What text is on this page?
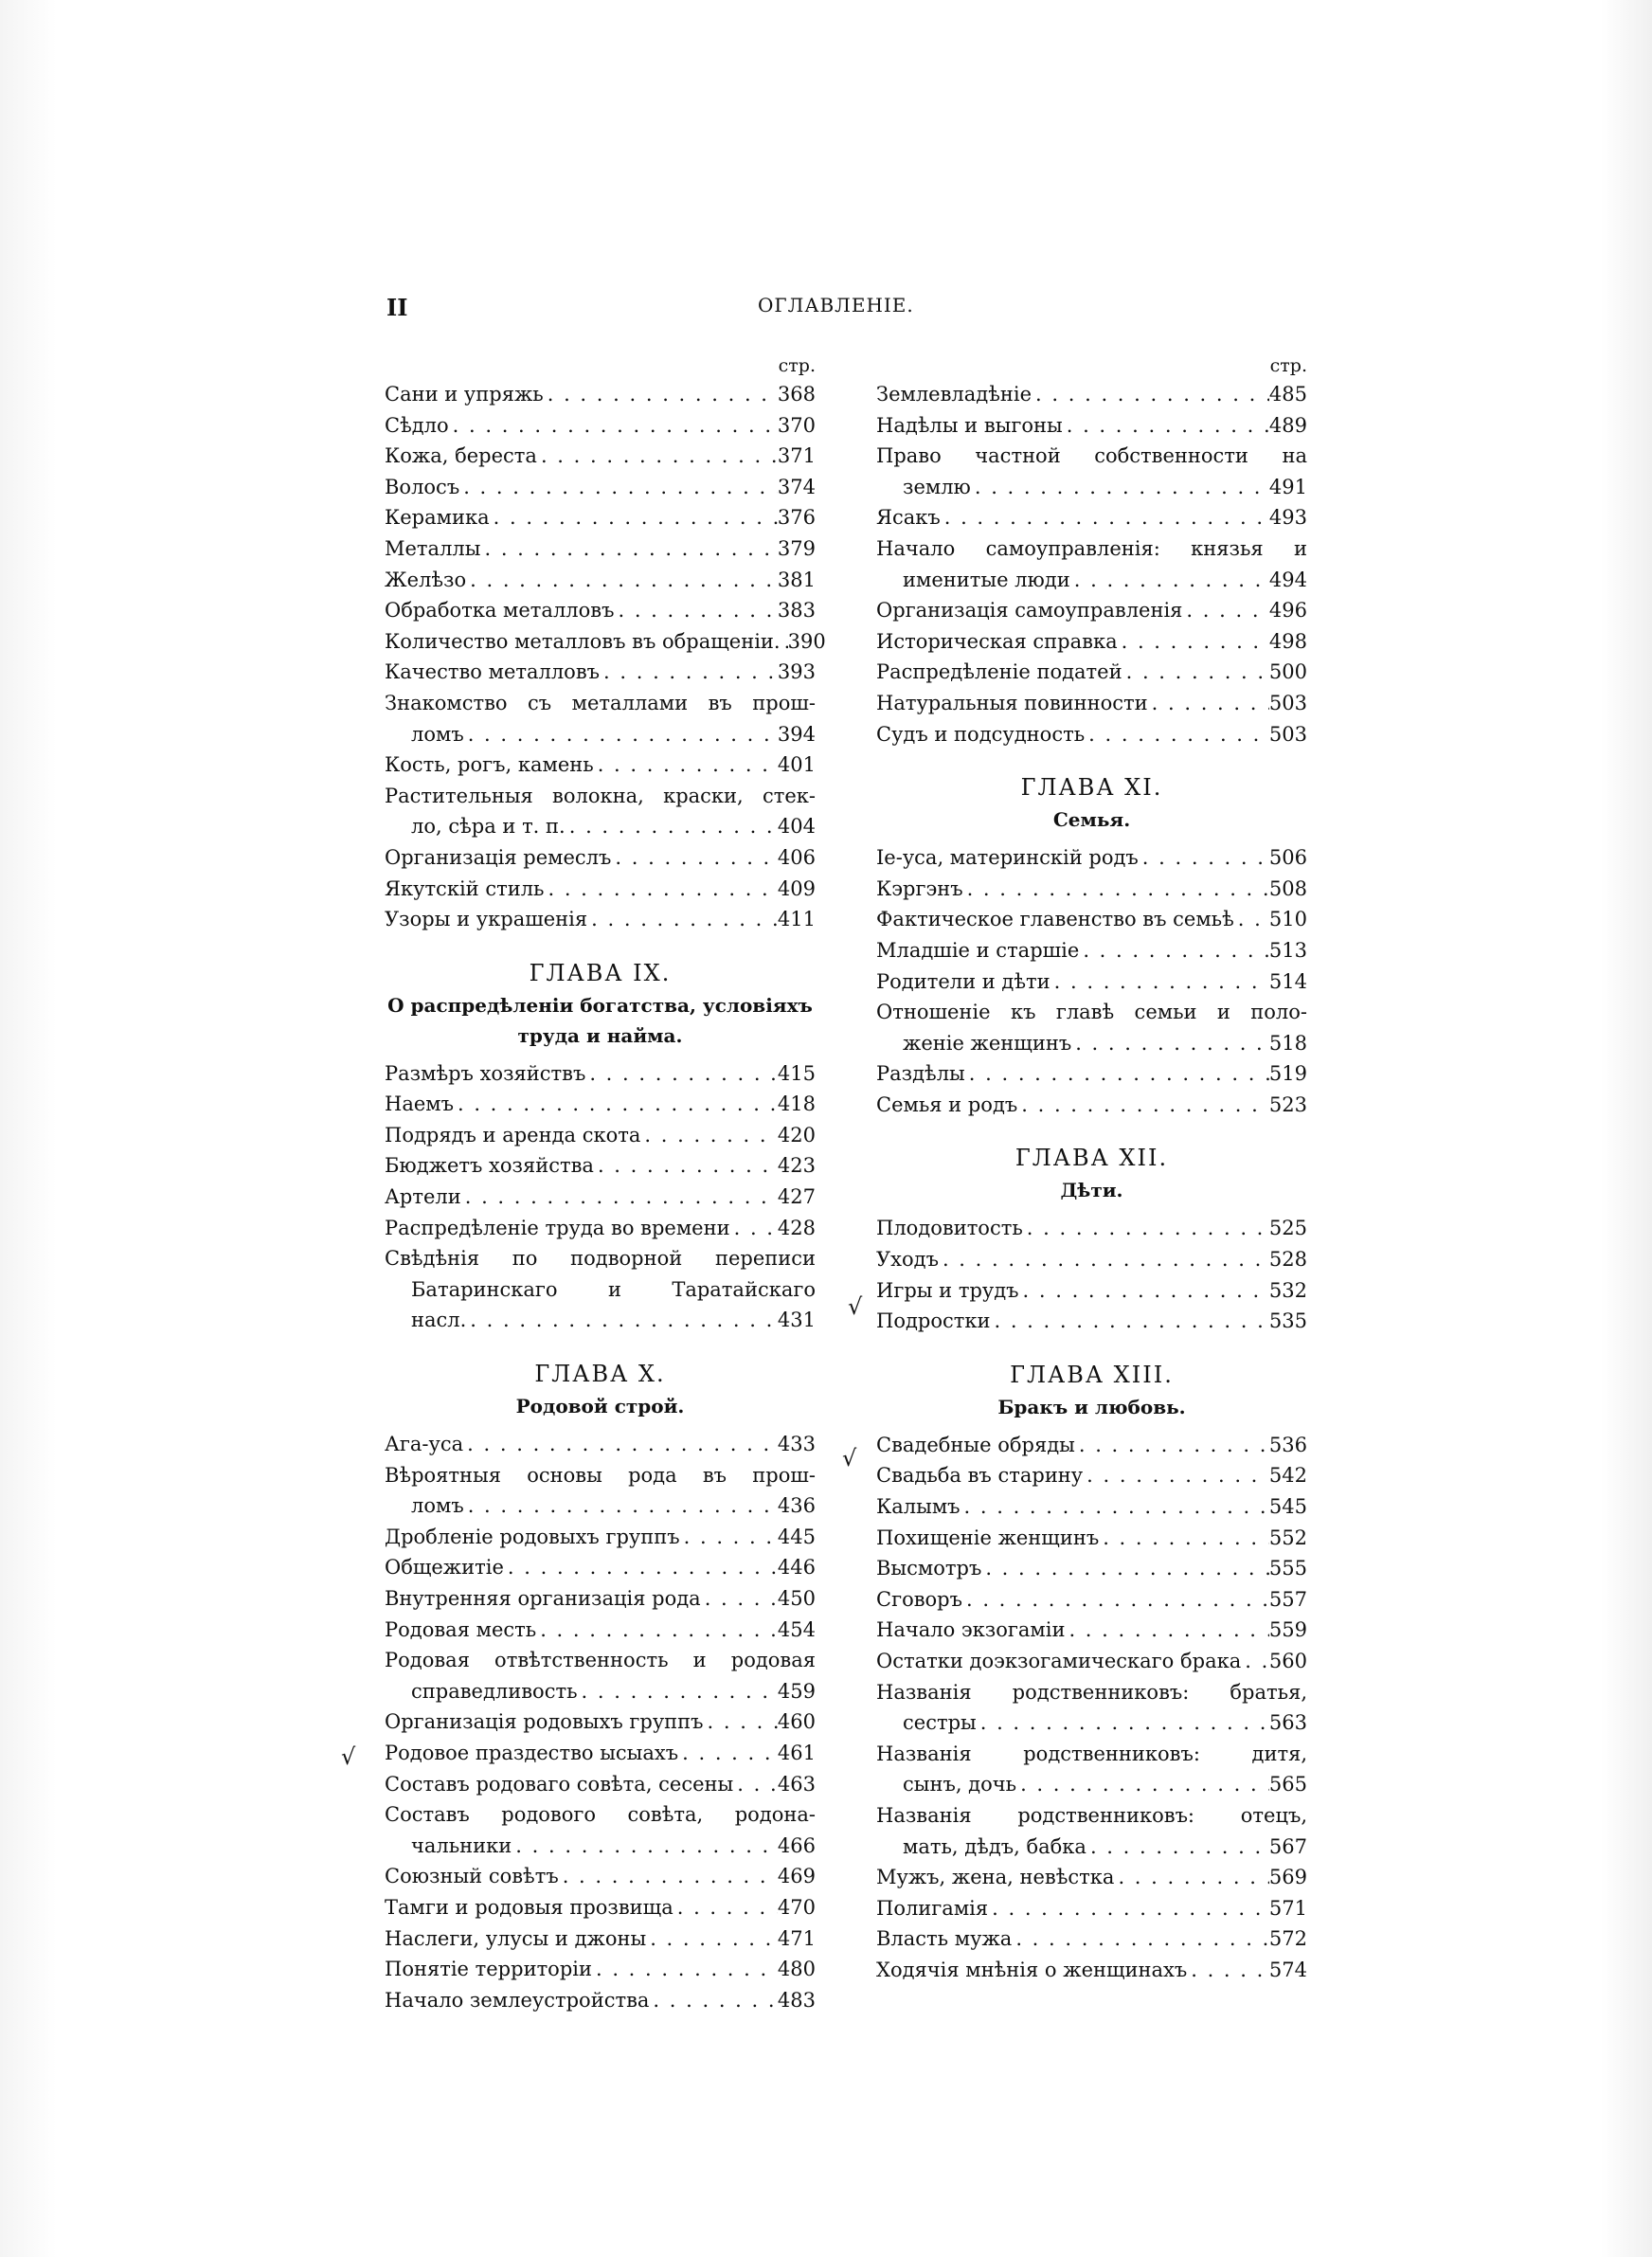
II	ОГЛАВЛЕНІЕ.
стр.
Сани и упряжь . . .	368
Сѣдло . . .	370
Кожа, береста . . .	371
Волосъ . . .	374
Керамика . . .	376
Металлы . . .	379
Желѣзо . . .	381
Обработка металловъ . . .	383
Количество металловъ въ обращеніи. . . . 390
Качество металловъ . . .	393
Знакомство съ металлами въ прош-
ломъ . . .	394
Кость, рогъ, камень . . .	401
Растительныя волокна, краски, стек-
ло, сѣра и т. п. . . .	404
Организація ремеслъ . . .	406
Якутскій стиль . . .	409
Узоры и украшенія . . .	411
ГЛАВА IX.
О распредѣленіи богатства, условіяхъ труда и найма.
Размѣръ хозяйствъ . . .	415
Наемъ . . .	418
Подрядъ и аренда скота . . .	420
Бюджетъ хозяйства . . .	423
Артели . . .	427
Распредѣленіе труда во времени . . . 428
Свѣдѣнія по подворной переписи
Батаринскаго и Таратайскаго
насл. . . .	431
ГЛАВА X.
Родовой строй.
Ага-уса . . .	433
Вѣроятныя основы рода въ прош-
ломъ . . .	436
Дробленіе родовыхъ группъ . . .	445
Общежитіе . . .	446
Внутренняя организація рода . . .	450
Родовая месть . . .	454
Родовая отвѣтственность и родовая
справедливость . . .	459
Организація родовыхъ группъ . . .	460
Родовое праздество ысыахъ . . .	461
Составъ родоваго совѣта, сесены . . . 463
Составъ родового совѣта, родона-
чальники . . .	466
Союзный совѣтъ . . .	469
Тамги и родовыя прозвища . . .	470
Наслеги, улусы и джоны . . .	471
Понятіе территоріи . . .	480
Начало землеустройства . . .	483
стр.
Землевладѣніе . . .	485
Надѣлы и выгоны . . .	489
Право частной собственности на
землю . . .	491
Ясакъ . . .	493
Начало самоуправленія: князья и
именитые люди . . .	494
Организація самоуправленія . . .	496
Историческая справка . . .	498
Распредѣленіе податей . . .	500
Натуральныя повинности . . .	503
Судъ и подсудность . . .	503
ГЛАВА XI.
Семья.
Іе-уса, материнскій родъ . . .	506
Кэргэнъ . . .	508
Фактическое главенство въ семьѣ . . . 510
Младшіе и старшіе . . .	513
Родители и дѣти . . .	514
Отношеніе къ главѣ семьи и поло-
женіе женщинъ . . .	518
Раздѣлы . . .	519
Семья и родъ . . .	523
ГЛАВА XII.
Дѣти.
Плодовитость . . .	525
Уходъ . . .	528
Игры и трудъ . . .	532
Подростки . . .	535
ГЛАВА XIII.
Бракъ и любовь.
Свадебные обряды . . .	536
Свадьба въ старину . . .	542
Калымъ . . .	545
Похищеніе женщинъ . . .	552
Высмотръ . . .	555
Сговоръ . . .	557
Начало экзогаміи . . .	559
Остатки доэкзогамическаго брака . . . 560
Названія родственниковъ: братья,
сестры . . .	563
Названія родственниковъ: дитя,
сынъ, дочь . . .	565
Названія родственниковъ: отецъ,
мать, дѣдъ, бабка . . .	567
Мужъ, жена, невѣстка . . .	569
Полигамія . . .	571
Власть мужа . . .	572
Ходячія мнѣнія о женщинахъ . . .	574
√
√
√
